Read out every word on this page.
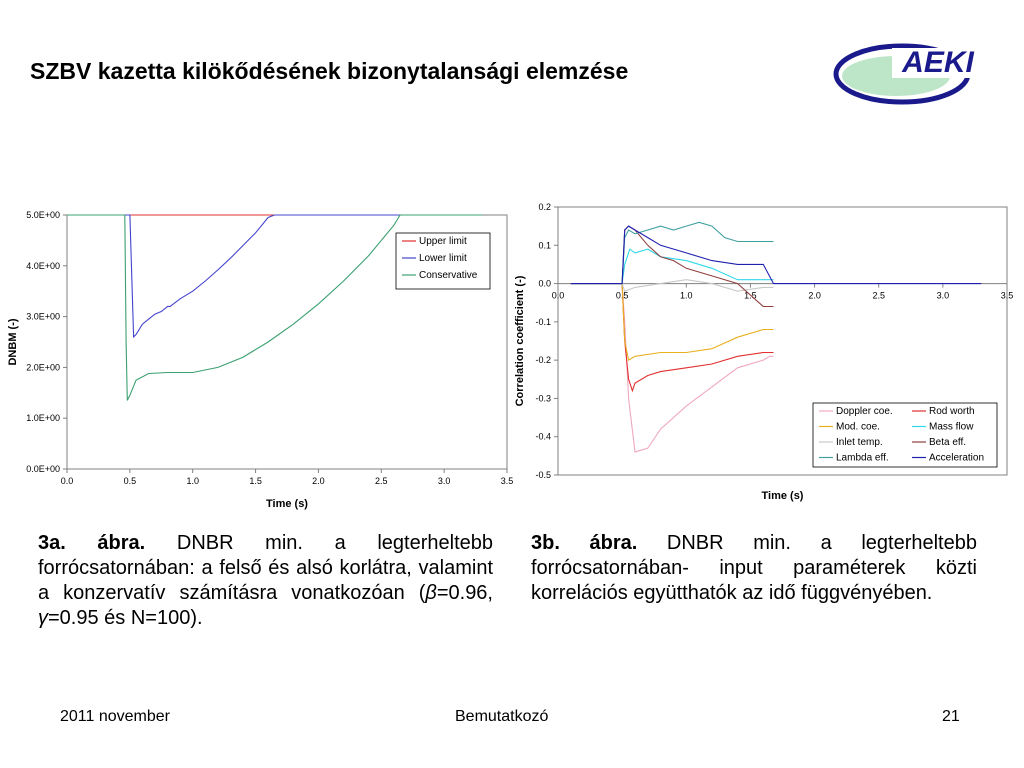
SZBV kazetta kilökődésének bizonytalansági elemzése	AEKI
0.0E+00
1.0E+00
2.0E+00
3.0E+00
4.0E+00
5.0E+00
0.0	0.5	1.0	1.5	2.0	2.5	3.0	3.5
Time (s)
DNBM (-)
Upper limit
Lower limit
Conservative
-0.5
-0.4
-0.3
-0.2
-0.1
0.0
0.1
0.2
0.0	0.5	1.0	1.5	2.0	2.5	3.0	3.5
Time (s)
Correlation coefficient (-)
Doppler coe.	Rod worth
Mod. coe.	Mass flow
Inlet temp.	Beta eff.
Lambda eff.	Acceleration
3a. ábra. DNBR min. a legterheltebb forrócsatornában: a felső és alsó korlátra, valamint a konzervatív számításra vonatkozóan (β=0.96, γ=0.95 és N=100).
3b. ábra. DNBR min. a legterheltebb forrócsatornában- input paraméterek közti korrelációs együtthatók az idő függvényében.
2011 november	Bemutatkozó	21
